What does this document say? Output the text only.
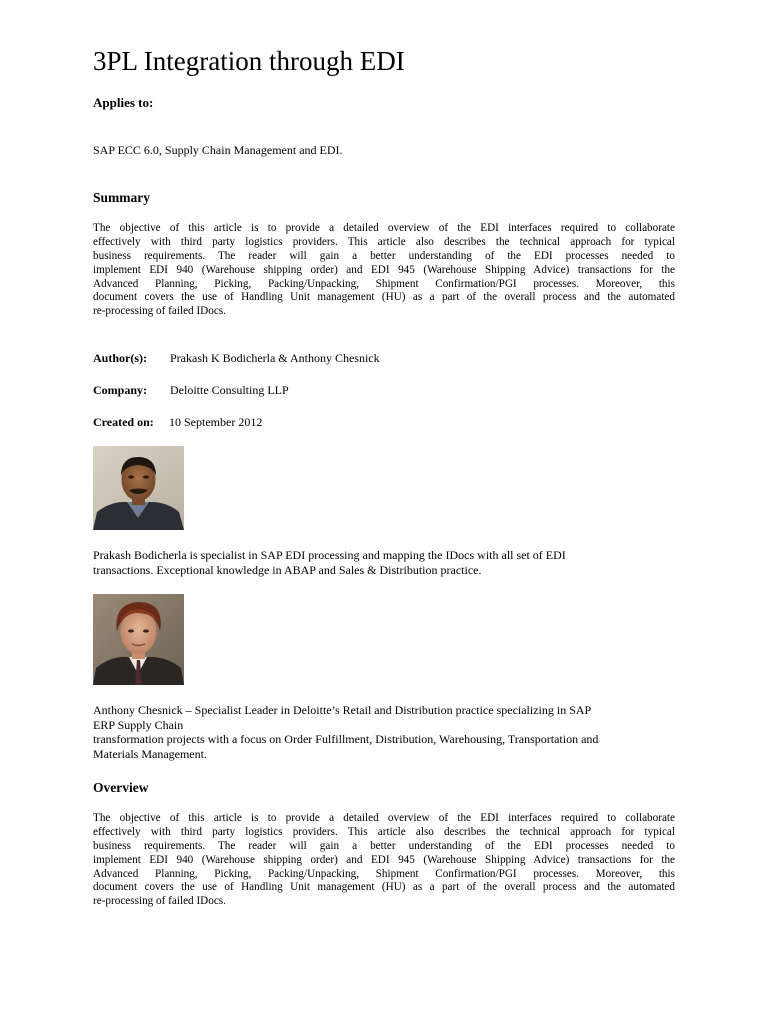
3PL Integration through EDI
Applies to:
SAP ECC 6.0, Supply Chain Management and EDI.
Summary
The objective of this article is to provide a detailed overview of the EDI interfaces required to collaborate
effectively with third party logistics providers. This article also describes the technical approach for typical
business requirements. The reader will gain a better understanding of the EDI processes needed to
implement EDI 940 (Warehouse shipping order) and EDI 945 (Warehouse Shipping Advice) transactions for the
Advanced Planning, Picking, Packing/Unpacking, Shipment Confirmation/PGI processes. Moreover, this
document covers the use of Handling Unit management (HU) as a part of the overall process and the automated
re-processing of failed IDocs.
Author(s): Prakash K Bodicherla & Anthony Chesnick
Company: Deloitte Consulting LLP
Created on: 10 September 2012
Prakash Bodicherla is specialist in SAP EDI processing and mapping the IDocs with all set of EDI
transactions. Exceptional knowledge in ABAP and Sales & Distribution practice.
Anthony Chesnick – Specialist Leader in Deloitte’s Retail and Distribution practice specializing in SAP
ERP Supply Chain
transformation projects with a focus on Order Fulfillment, Distribution, Warehousing, Transportation and
Materials Management.
Overview
The objective of this article is to provide a detailed overview of the EDI interfaces required to collaborate
effectively with third party logistics providers. This article also describes the technical approach for typical
business requirements. The reader will gain a better understanding of the EDI processes needed to
implement EDI 940 (Warehouse shipping order) and EDI 945 (Warehouse Shipping Advice) transactions for the
Advanced Planning, Picking, Packing/Unpacking, Shipment Confirmation/PGI processes. Moreover, this
document covers the use of Handling Unit management (HU) as a part of the overall process and the automated
re-processing of failed IDocs.
